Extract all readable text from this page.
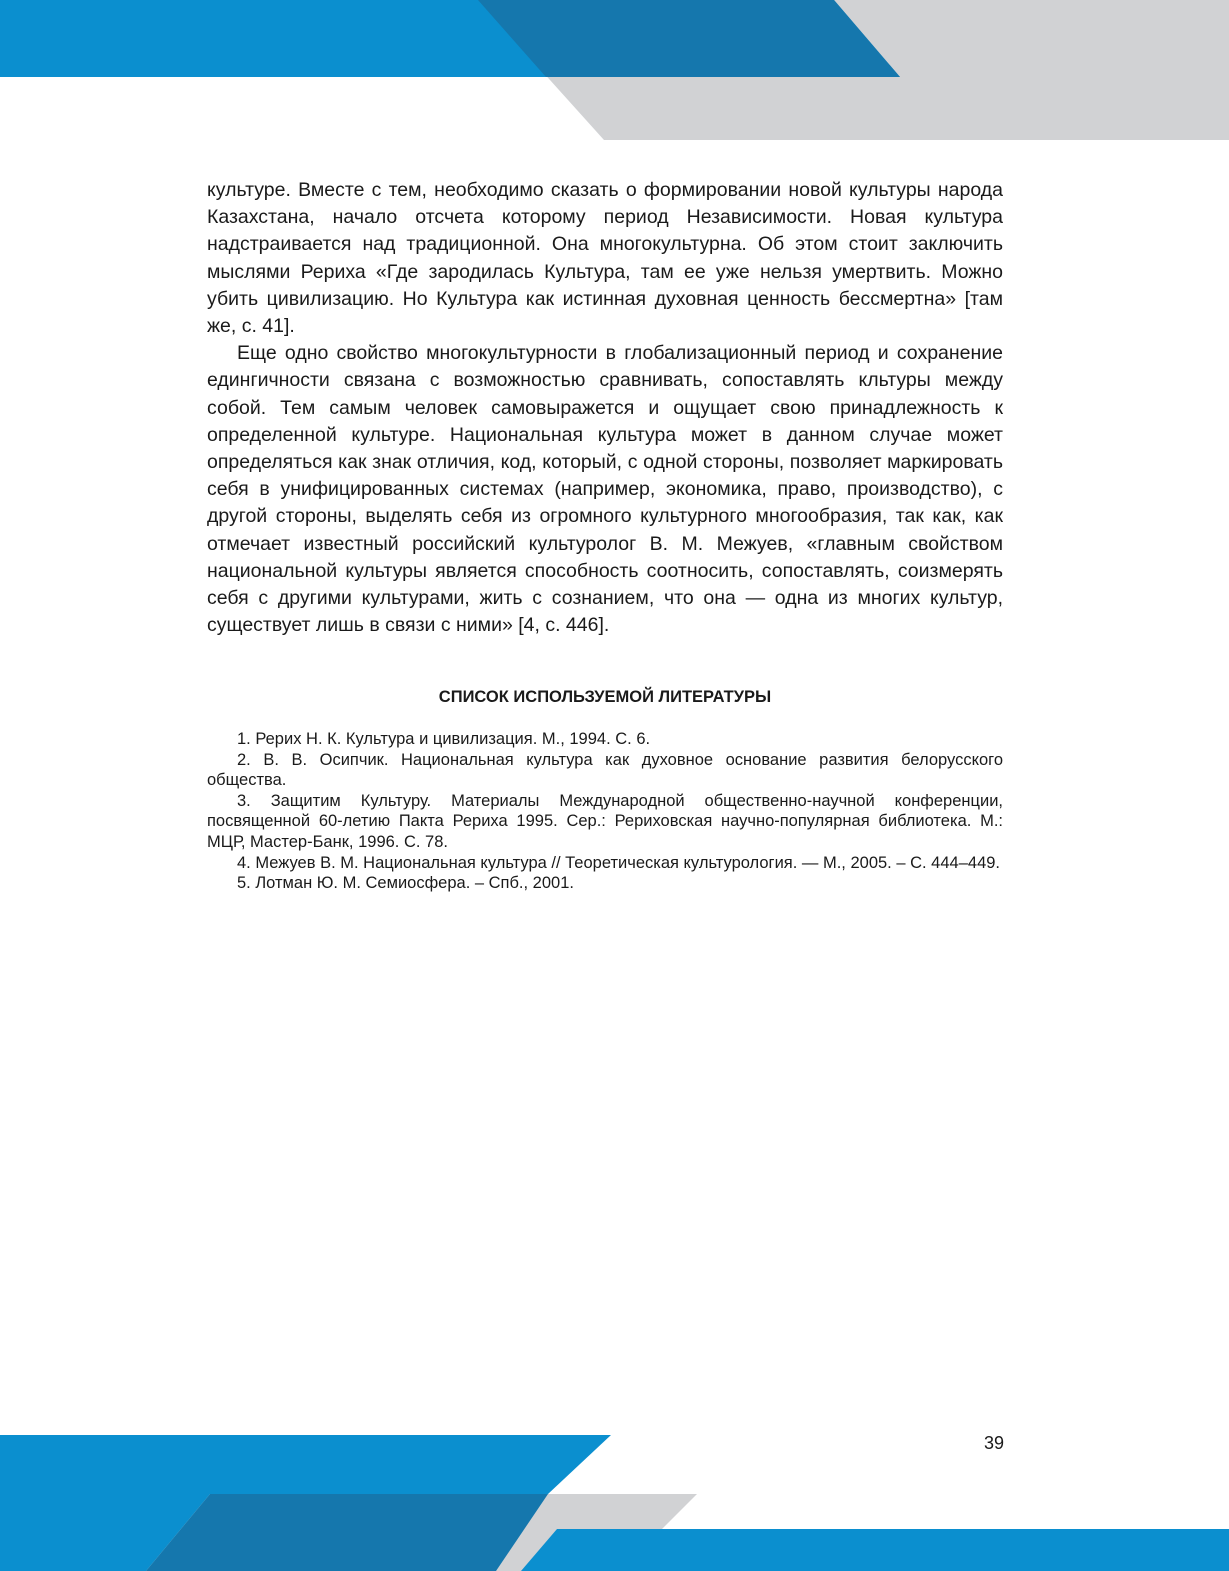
культуре. Вместе с тем, необходимо сказать о формировании новой культуры народа Казахстана, начало отсчета которому период Независимости. Новая культура надстраивается над традиционной. Она многокультурна. Об этом стоит заключить мыслями Рериха «Где зародилась Культура, там ее уже нельзя умертвить. Можно убить цивилизацию. Но Культура как истинная духовная ценность бессмертна» [там же, с. 41].

Еще одно свойство многокультурности в глобализационный период и сохранение едингичности связана с возможностью сравнивать, сопоставлять кльтуры между собой. Тем самым человек самовыражется и ощущает свою принадлежность к определенной культуре. Национальная культура может в данном случае может определяться как знак отличия, код, который, с одной стороны, позволяет маркировать себя в унифицированных системах (например, экономика, право, производство), с другой стороны, выделять себя из огромного культурного многообразия, так как, как отмечает известный российский культуролог В. М. Межуев, «главным свойством национальной культуры является способность соотносить, сопоставлять, соизмерять себя с другими культурами, жить с сознанием, что она — одна из многих культур, существует лишь в связи с ними» [4, с. 446].

СПИСОК ИСПОЛЬЗУЕМОЙ ЛИТЕРАТУРЫ
1. Рерих Н. К. Культура и цивилизация. М., 1994. С. 6.
2. В. В. Осипчик. Национальная культура как духовное основание развития белорусского общества.
3. Защитим Культуру. Материалы Международной общественно-научной конференции, посвященной 60-летию Пакта Рериха 1995. Сер.: Рериховская научно-популярная библиотека. М.: МЦР, Мастер-Банк, 1996. С. 78.
4. Межуев В. М. Национальная культура // Теоретическая культурология. — М., 2005. – С. 444–449.
5. Лотман Ю. М. Семиосфера. – Спб., 2001.
39
